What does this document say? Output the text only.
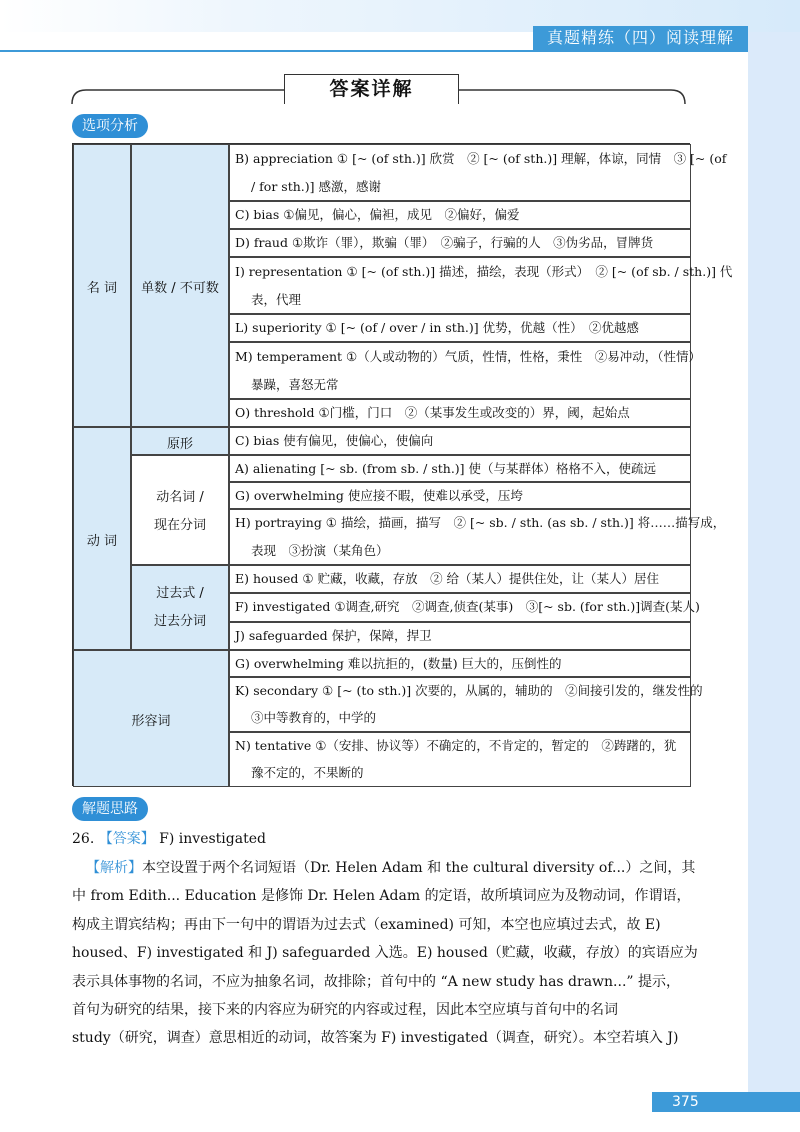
真题精练（四）阅读理解
答案详解
选项分析
名 词
动 词
形容词
单数 / 不可数
原形
动名词 /
现在分词
过去式 /
过去分词
B) appreciation ① [~ (of sth.)] 欣赏　② [~ (of sth.)] 理解，体谅，同情　③ [~ (of
/ for sth.)] 感激，感谢
C) bias ①偏见，偏心，偏袒，成见　②偏好，偏爱
D) fraud ①欺诈（罪），欺骗（罪）　②骗子，行骗的人　③伪劣品，冒牌货
I) representation ① [~ (of sth.)] 描述，描绘，表现（形式）　② [~ (of sb. / sth.)] 代
表，代理
L) superiority ① [~ (of / over / in sth.)] 优势，优越（性）　②优越感
M) temperament ①（人或动物的）气质，性情，性格，秉性　②易冲动，（性情）
暴躁，喜怒无常
O) threshold ①门槛，门口　②（某事发生或改变的）界，阈，起始点
C) bias 使有偏见，使偏心，使偏向
A) alienating [~ sb. (from sb. / sth.)] 使（与某群体）格格不入，使疏远
G) overwhelming 使应接不暇，使难以承受，压垮
H) portraying ① 描绘，描画，描写　② [~ sb. / sth. (as sb. / sth.)] 将……描写成，
表现　③扮演（某角色）
E) housed ① 贮藏，收藏，存放　② 给（某人）提供住处，让（某人）居住
F) investigated ①调查,研究　②调查,侦查(某事)　③[~ sb. (for sth.)]调查(某人)
J) safeguarded 保护，保障，捍卫
G) overwhelming 难以抗拒的，(数量) 巨大的，压倒性的
K) secondary ① [~ (to sth.)] 次要的，从属的，辅助的　②间接引发的，继发性的
③中等教育的，中学的
N) tentative ①（安排、协议等）不确定的，不肯定的，暂定的　②踌躇的，犹
豫不定的，不果断的
解题思路
26. 【答案】 F) investigated
【解析】本空设置于两个名词短语（Dr. Helen Adam 和 the cultural diversity of...）之间，其
中 from Edith... Education 是修饰 Dr. Helen Adam 的定语，故所填词应为及物动词，作谓语，
构成主谓宾结构；再由下一句中的谓语为过去式（examined) 可知，本空也应填过去式，故 E)
housed、F) investigated 和 J) safeguarded 入选。E) housed（贮藏，收藏，存放）的宾语应为
表示具体事物的名词，不应为抽象名词，故排除；首句中的 “A new study has drawn...” 提示，
首句为研究的结果，接下来的内容应为研究的内容或过程，因此本空应填与首句中的名词
study（研究，调查）意思相近的动词，故答案为 F) investigated（调查，研究）。本空若填入 J)
375
